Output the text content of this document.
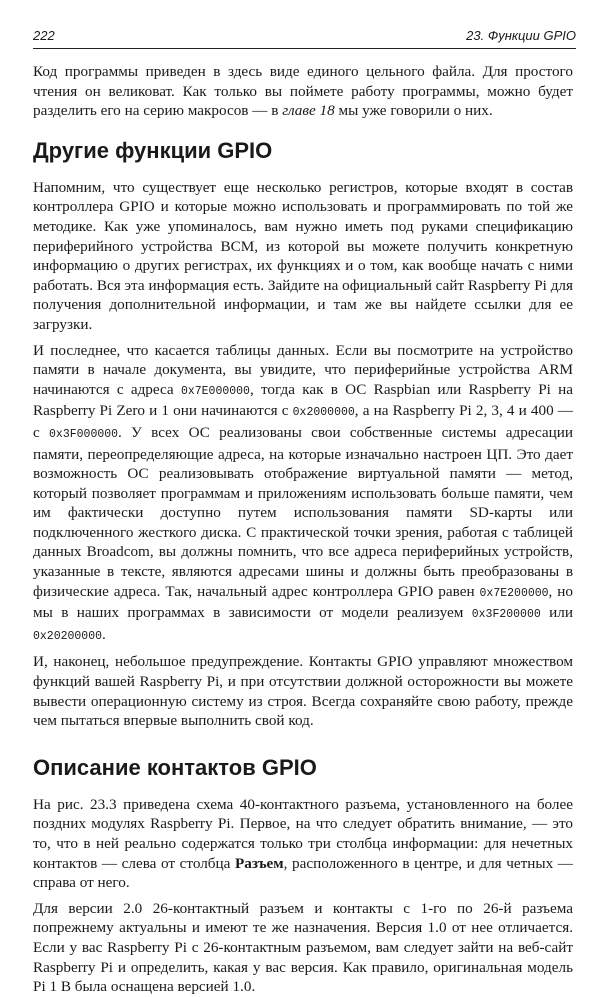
222	23. Функции GPIO

Код программы приведен в здесь виде единого цельного файла. Для простого чтения он великоват. Как только вы поймете работу программы, можно будет разделить его на серию макросов — в главе 18 мы уже говорили о них.

Другие функции GPIO

Напомним, что существует еще несколько регистров, которые входят в состав контроллера GPIO и которые можно использовать и программировать по той же методике. Как уже упоминалось, вам нужно иметь под руками спецификацию периферийного устройства BCM, из которой вы можете получить конкретную информацию о других регистрах, их функциях и о том, как вообще начать с ними работать. Вся эта информация есть. Зайдите на официальный сайт Raspberry Pi для получения дополнительной информации, и там же вы найдете ссылки для ее загрузки.

И последнее, что касается таблицы данных. Если вы посмотрите на устройство памяти в начале документа, вы увидите, что периферийные устройства ARM начинаются с адреса 0x7E000000, тогда как в ОС Raspbian или Raspberry Pi на Raspberry Pi Zero и 1 они начинаются с 0x2000000, а на Raspberry Pi 2, 3, 4 и 400 — с 0x3F000000. У всех ОС реализованы свои собственные системы адресации памяти, переопределяющие адреса, на которые изначально настроен ЦП. Это дает возможность ОС реализовывать отображение виртуальной памяти — метод, который позволяет программам и приложениям использовать больше памяти, чем им фактически доступно путем использования памяти SD-карты или подключенного жесткого диска. С практической точки зрения, работая с таблицей данных Broadcom, вы должны помнить, что все адреса периферийных устройств, указанные в тексте, являются адресами шины и должны быть преобразованы в физические адреса. Так, начальный адрес контроллера GPIO равен 0x7E200000, но мы в наших программах в зависимости от модели реализуем 0x3F200000 или 0x20200000.

И, наконец, небольшое предупреждение. Контакты GPIO управляют множеством функций вашей Raspberry Pi, и при отсутствии должной осторожности вы можете вывести операционную систему из строя. Всегда сохраняйте свою работу, прежде чем пытаться впервые выполнить свой код.

Описание контактов GPIO

На рис. 23.3 приведена схема 40-контактного разъема, установленного на более поздних модулях Raspberry Pi. Первое, на что следует обратить внимание, — это то, что в ней реально содержатся только три столбца информации: для нечетных контактов — слева от столбца Разъем, расположенного в центре, и для четных — справа от него.

Для версии 2.0 26-контактный разъем и контакты с 1-го по 26-й разъема попрежнему актуальны и имеют те же назначения. Версия 1.0 от нее отличается. Если у вас Raspberry Pi с 26-контактным разъемом, вам следует зайти на веб-сайт Raspberry Pi и определить, какая у вас версия. Как правило, оригинальная модель Pi 1 B была оснащена версией 1.0.
